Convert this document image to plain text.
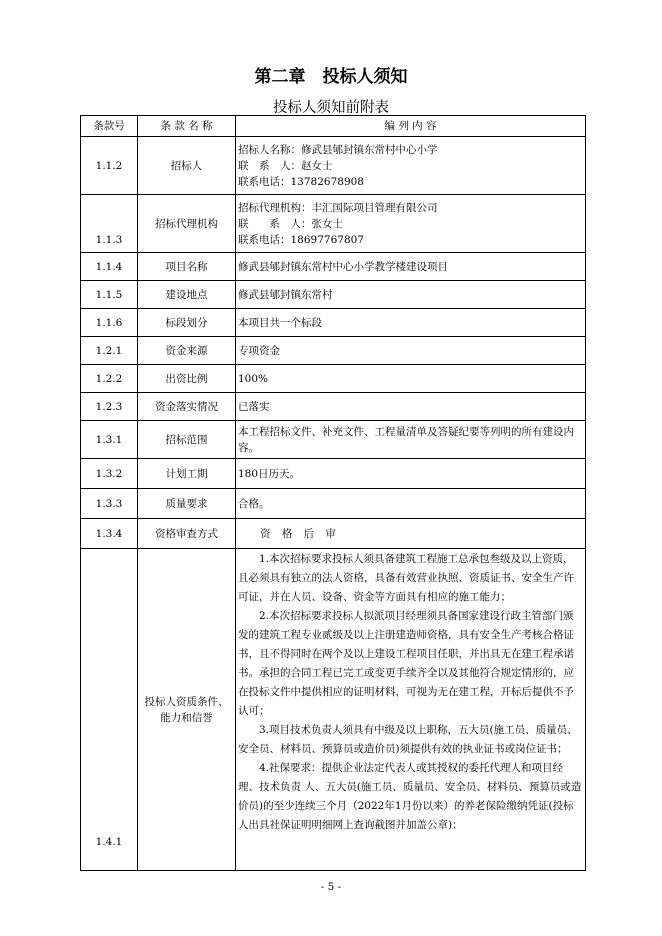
第二章　投标人须知
投标人须知前附表
条款号	条 款 名 称	编 列 内 容
1.1.2	招标人	招标人名称：修武县郇封镇东常村中心小学
联　系　人：赵女士
联系电话：13782678908

1.1.3	招标代理机构	招标代理机构：丰汇国际项目管理有限公司
联　　系　人：张女士
联系电话：18697767807

1.1.4	项目名称	修武县郇封镇东常村中心小学教学楼建设项目
1.1.5	建设地点	修武县郇封镇东常村
1.1.6	标段划分	本项目共一个标段
1.2.1	资金来源	专项资金
1.2.2	出资比例	100%
1.2.3	资金落实情况	已落实
1.3.1	招标范围	本工程招标文件、补充文件、工程量清单及答疑纪要等列明的所有建设内容。
1.3.2	计划工期	180日历天。
1.3.3	质量要求	合格。
1.3.4	资格审查方式	资 格 后 审
1.4.1	投标人资质条件、能力和信誉	1.本次招标要求投标人须具备建筑工程施工总承包叁级及以上资质，且必须具有独立的法人资格，具备有效营业执照、资质证书、安全生产许可证，并在人员、设备、资金等方面具有相应的施工能力；
2.本次招标要求投标人拟派项目经理须具备国家建设行政主管部门颁发的建筑工程专业贰级及以上注册建造师资格，具有安全生产考核合格证书，且不得同时在两个及以上建设工程项目任职，并出具无在建工程承诺书。承担的合同工程已完工或变更手续齐全以及其他符合规定情形的，应在投标文件中提供相应的证明材料，可视为无在建工程，开标后提供不予认可；
3.项目技术负责人须具有中级及以上职称，五大员(施工员、质量员、安全员、材料员、预算员或造价员)须提供有效的执业证书或岗位证书；
4.社保要求：提供企业法定代表人或其授权的委托代理人和项目经理、技术负责 人、五大员(施工员、质量员、安全员、材料员、预算员或造价员)的至少连续三个月（2022年1月份以来）的养老保险缴纳凭证(投标人出具社保证明明细网上查询截图并加盖公章)；
- 5 -
